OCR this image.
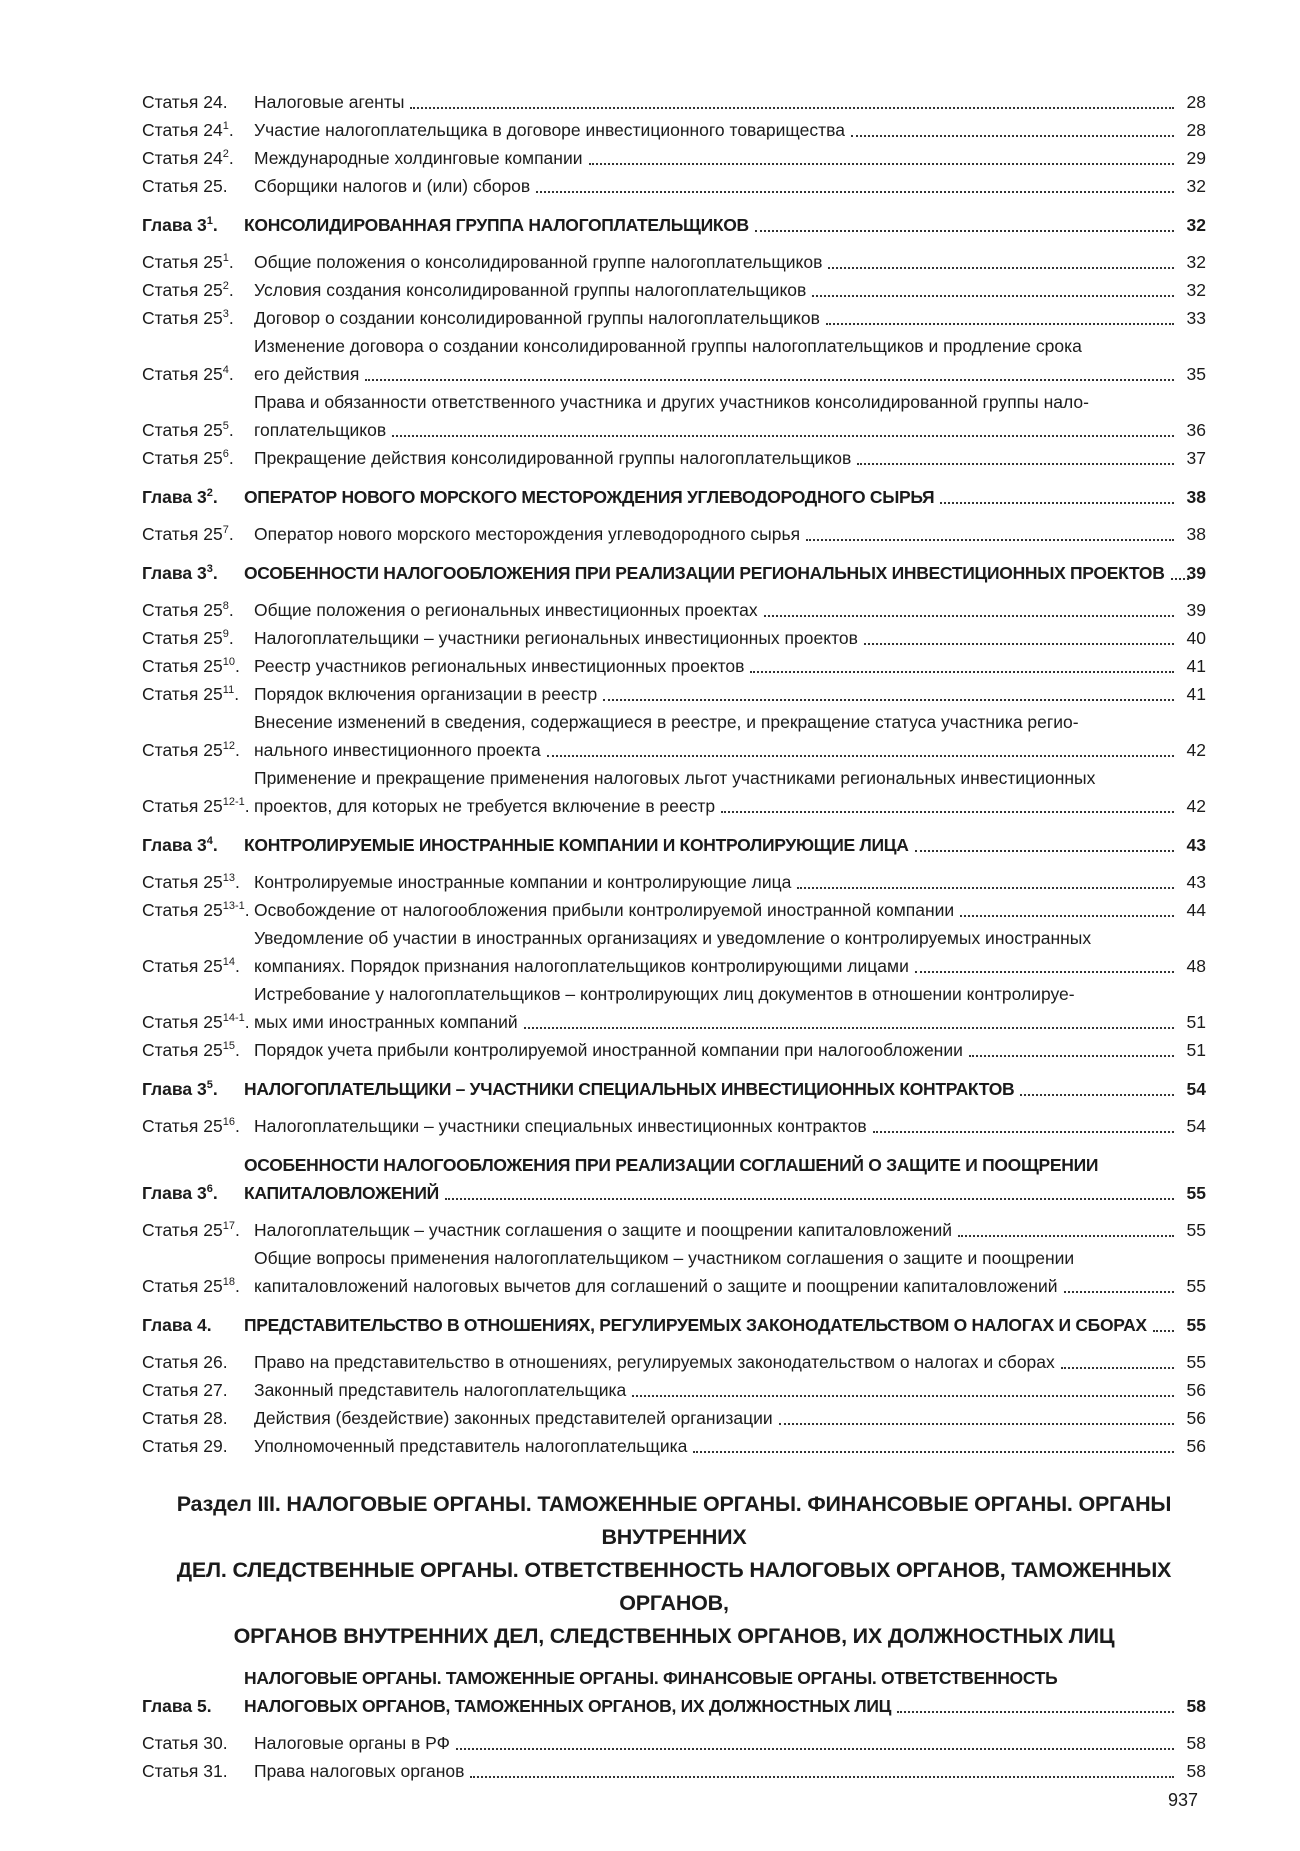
Статья 24.	Налоговые агенты	28
Статья $24^1$.	Участие налогоплательщика в договоре инвестиционного товарищества	28
Статья $24^2$.	Международные холдинговые компании	29
Статья 25.	Сборщики налогов и (или) сборов	32
Глава $3^1$.	КОНСОЛИДИРОВАННАЯ ГРУППА НАЛОГОПЛАТЕЛЬЩИКОВ	32
Статья $25^1$.	Общие положения о консолидированной группе налогоплательщиков	32
Статья $25^2$.	Условия создания консолидированной группы налогоплательщиков	32
Статья $25^3$.	Договор о создании консолидированной группы налогоплательщиков	33
Статья $25^4$.
Изменение договора о создании консолидированной группы налогоплательщиков и продление срока
его действия	35
Статья $25^5$.
Права и обязанности ответственного участника и других участников консолидированной группы нало-
гоплательщиков	36
Статья $25^6$.	Прекращение действия консолидированной группы налогоплательщиков	37
Глава $3^2$.	ОПЕРАТОР НОВОГО МОРСКОГО МЕСТОРОЖДЕНИЯ УГЛЕВОДОРОДНОГО СЫРЬЯ	38
Статья $25^7$.	Оператор нового морского месторождения углеводородного сырья	38
Глава $3^3$.	ОСОБЕННОСТИ НАЛОГООБЛОЖЕНИЯ ПРИ РЕАЛИЗАЦИИ РЕГИОНАЛЬНЫХ ИНВЕСТИЦИОННЫХ ПРОЕКТОВ	39
Статья $25^8$.	Общие положения о региональных инвестиционных проектах	39
Статья $25^9$.	Налогоплательщики – участники региональных инвестиционных проектов	40
Статья $25^{10}$. Реестр участников региональных инвестиционных проектов	41
Статья $25^{11}$. Порядок включения организации в реестр	41
Статья $25^{12}$.
Внесение изменений в сведения, содержащиеся в реестре, и прекращение статуса участника регио-
нального инвестиционного проекта	42
Статья 25$^{12-1}$.
Применение и прекращение применения налоговых льгот участниками региональных инвестиционных
проектов, для которых не требуется включение в реестр	42
Глава $3^4$.	КОНТРОЛИРУЕМЫЕ ИНОСТРАННЫЕ КОМПАНИИ И КОНТРОЛИРУЮЩИЕ ЛИЦА	43
Статья $25^{13}$. Контролируемые иностранные компании и контролирующие лица	43
Статья 25$^{13-1}$. Освобождение от налогообложения прибыли контролируемой иностранной компании	44
Статья $25^{14}$.
Уведомление об участии в иностранных организациях и уведомление о контролируемых иностранных
компаниях. Порядок признания налогоплательщиков контролирующими лицами	48
Статья 25$^{14-1}$.
Истребование у налогоплательщиков – контролирующих лиц документов в отношении контролируе-
мых ими иностранных компаний	51
Статья $25^{15}$. Порядок учета прибыли контролируемой иностранной компании при налогообложении	51
Глава $3^5$.	НАЛОГОПЛАТЕЛЬЩИКИ – УЧАСТНИКИ СПЕЦИАЛЬНЫХ ИНВЕСТИЦИОННЫХ КОНТРАКТОВ	54
Статья $25^{16}$. Налогоплательщики – участники специальных инвестиционных контрактов	54
Глава $3^6$.
ОСОБЕННОСТИ НАЛОГООБЛОЖЕНИЯ ПРИ РЕАЛИЗАЦИИ СОГЛАШЕНИЙ О ЗАЩИТЕ И ПООЩРЕНИИ
КАПИТАЛОВЛОЖЕНИЙ	55
Статья $25^{17}$. Налогоплательщик – участник соглашения о защите и поощрении капиталовложений	55
Статья $25^{18}$.
Общие вопросы применения налогоплательщиком – участником соглашения о защите и поощрении
капиталовложений налоговых вычетов для соглашений о защите и поощрении капиталовложений	55
Глава 4.	ПРЕДСТАВИТЕЛЬСТВО В ОТНОШЕНИЯХ, РЕГУЛИРУЕМЫХ ЗАКОНОДАТЕЛЬСТВОМ О НАЛОГАХ И СБОРАХ	55
Статья 26.	Право на представительство в отношениях, регулируемых законодательством о налогах и сборах	55
Статья 27.	Законный представитель налогоплательщика	56
Статья 28.	Действия (бездействие) законных представителей организации	56
Статья 29.	Уполномоченный представитель налогоплательщика	56
Раздел III. НАЛОГОВЫЕ ОРГАНЫ. ТАМОЖЕННЫЕ ОРГАНЫ. ФИНАНСОВЫЕ ОРГАНЫ. ОРГАНЫ ВНУТРЕННИХ
ДЕЛ. СЛЕДСТВЕННЫЕ ОРГАНЫ. ОТВЕТСТВЕННОСТЬ НАЛОГОВЫХ ОРГАНОВ, ТАМОЖЕННЫХ ОРГАНОВ,
ОРГАНОВ ВНУТРЕННИХ ДЕЛ, СЛЕДСТВЕННЫХ ОРГАНОВ, ИХ ДОЛЖНОСТНЫХ ЛИЦ
Глава 5.
НАЛОГОВЫЕ ОРГАНЫ. ТАМОЖЕННЫЕ ОРГАНЫ. ФИНАНСОВЫЕ ОРГАНЫ. ОТВЕТСТВЕННОСТЬ
НАЛОГОВЫХ ОРГАНОВ, ТАМОЖЕННЫХ ОРГАНОВ, ИХ ДОЛЖНОСТНЫХ ЛИЦ	58
Статья 30.	Налоговые органы в РФ	58
Статья 31.	Права налоговых органов	58
937
